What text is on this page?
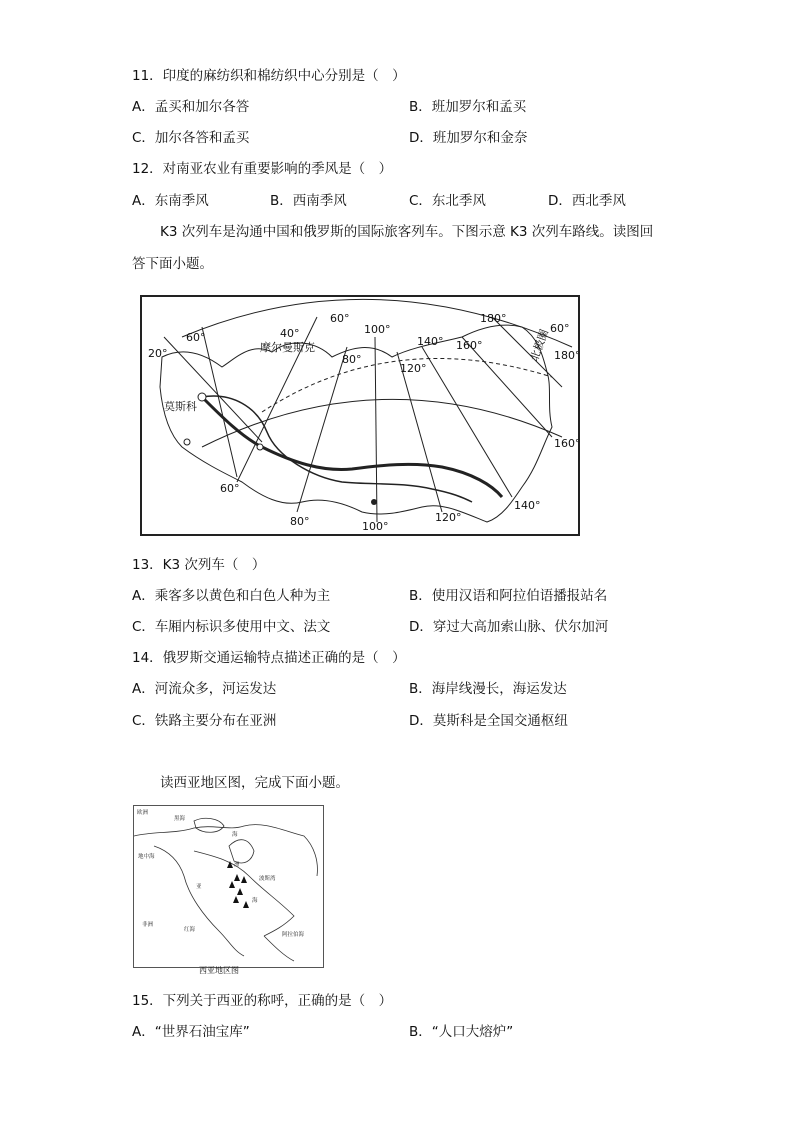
11．印度的麻纺织和棉纺织中心分别是（　）
A．孟买和加尔各答	B．班加罗尔和孟买
C．加尔各答和孟买	D．班加罗尔和金奈
12．对南亚农业有重要影响的季风是（　）
A．东南季风	B．西南季风	C．东北季风	D．西北季风
K3 次列车是沟通中国和俄罗斯的国际旅客列车。下图示意 K3 次列车路线。读图回
答下面小题。
摩尔曼斯克
莫斯科
北极圈
20°
40°
60°
60°
60°
80°
80°
100°
100°
120°
120°
140°
140°
160°
160°
180°
180°
60°
13．K3 次列车（　）
A．乘客多以黄色和白色人种为主	B．使用汉语和阿拉伯语播报站名
C．车厢内标识多使用中文、法文	D．穿过大高加索山脉、伏尔加河
14．俄罗斯交通运输特点描述正确的是（　）
A．河流众多，河运发达	B．海岸线漫长，海运发达
C．铁路主要分布在亚洲	D．莫斯科是全国交通枢纽
读西亚地区图，完成下面小题。
欧洲
黑海
海
地中海
亚
洲
非洲
红海
波斯湾
阿拉伯海
海
西亚地区图
15．下列关于西亚的称呼，正确的是（　）
A．“世界石油宝库”	B．“人口大熔炉”
